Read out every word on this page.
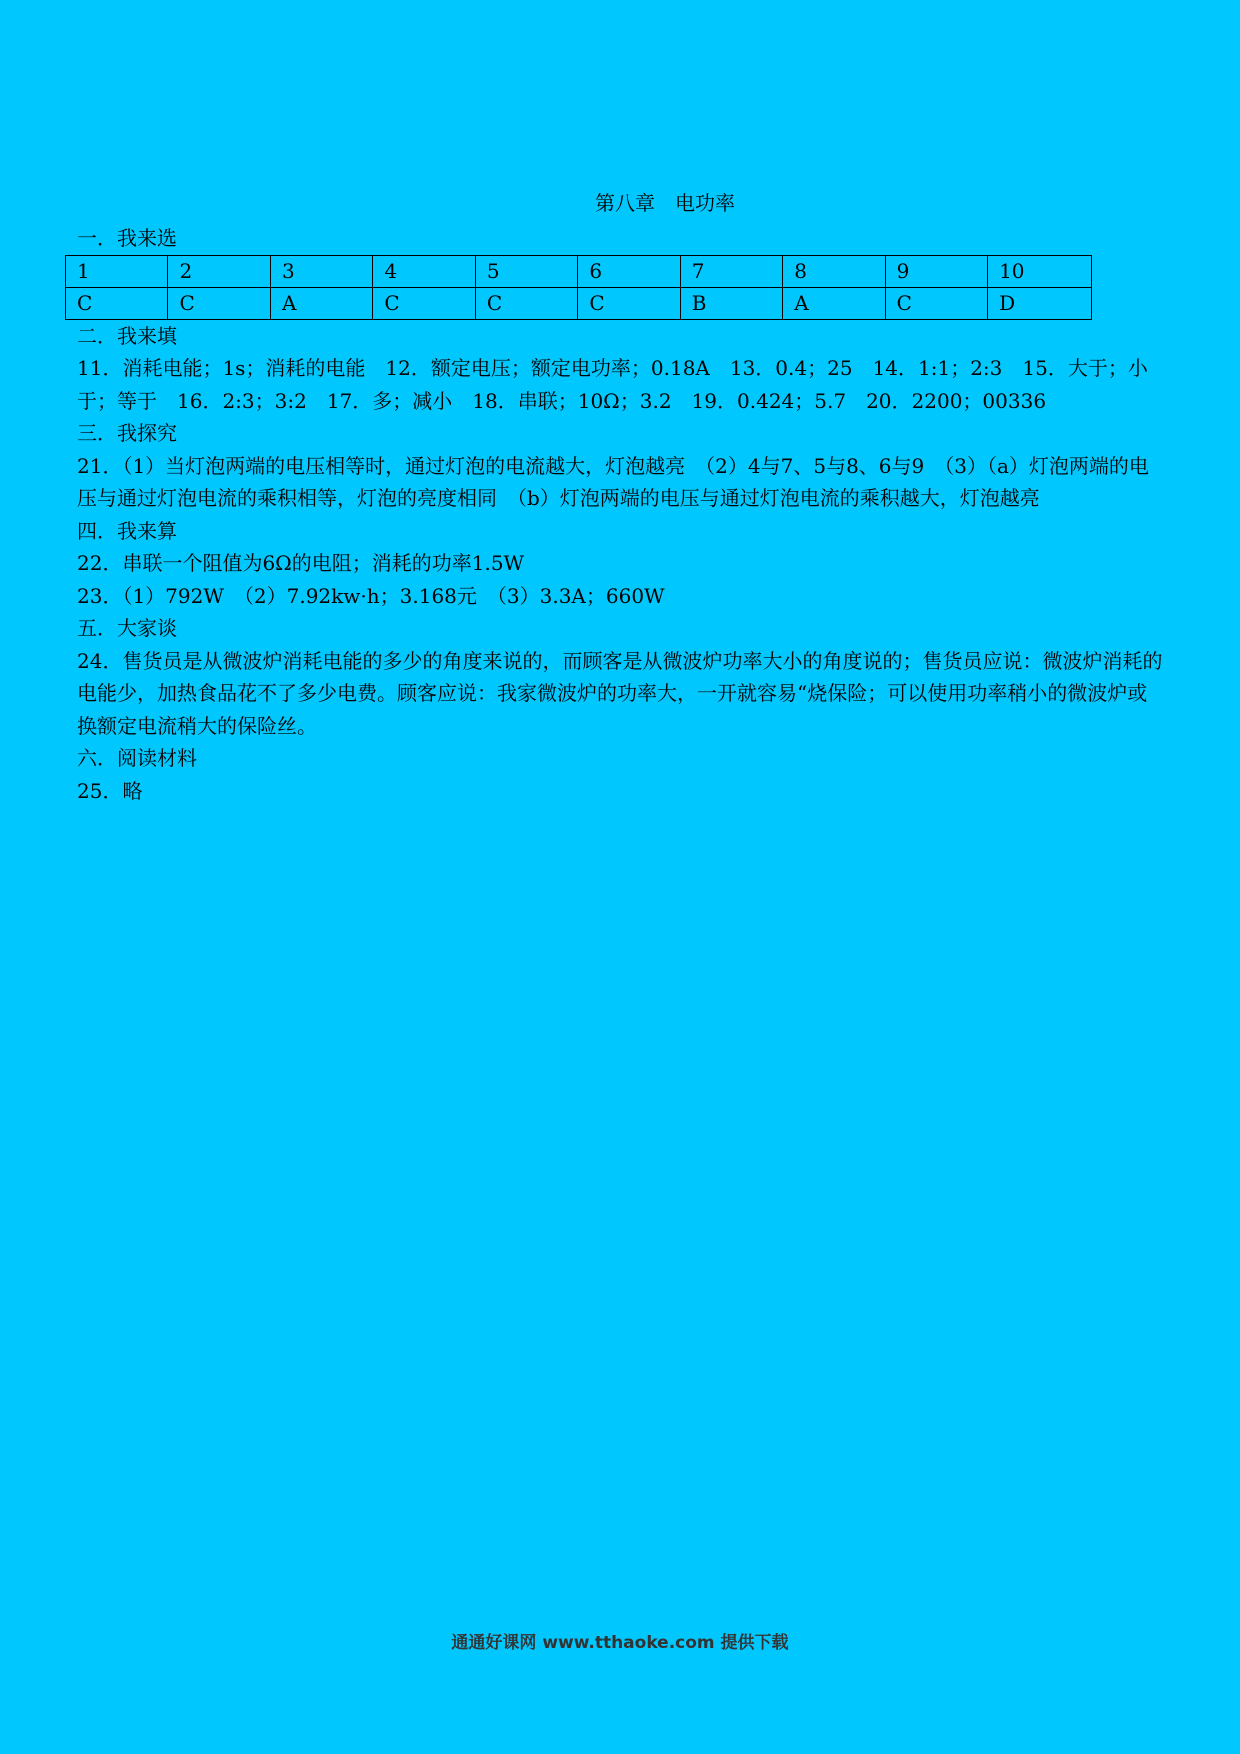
第八章　电功率

一．我来选

1	2	3	4	5	6	7	8	9	10
C	C	A	C	C	C	B	A	C	D

二．我来填

11．消耗电能；1s；消耗的电能　12．额定电压；额定电功率；0.18A　13．0.4；25　14．1:1；2:3　15．大于；小于；等于　16．2:3；3:2　17．多；减小　18．串联；10Ω；3.2　19．0.424；5.7　20．2200；00336

三．我探究

21．（1）当灯泡两端的电压相等时，通过灯泡的电流越大，灯泡越亮　（2）4与7、5与8、6与9　（3）（a）灯泡两端的电压与通过灯泡电流的乘积相等，灯泡的亮度相同　（b）灯泡两端的电压与通过灯泡电流的乘积越大，灯泡越亮

四．我来算

22．串联一个阻值为6Ω的电阻；消耗的功率1.5W

23．（1）792W　（2）7.92kw·h；3.168元　（3）3.3A；660W

五．大家谈

24．售货员是从微波炉消耗电能的多少的角度来说的，而顾客是从微波炉功率大小的角度说的；售货员应说：微波炉消耗的电能少，加热食品花不了多少电费。顾客应说：我家微波炉的功率大，一开就容易“烧保险；可以使用功率稍小的微波炉或换额定电流稍大的保险丝。

六．阅读材料

25．略

通通好课网 www.tthaoke.com 提供下载
